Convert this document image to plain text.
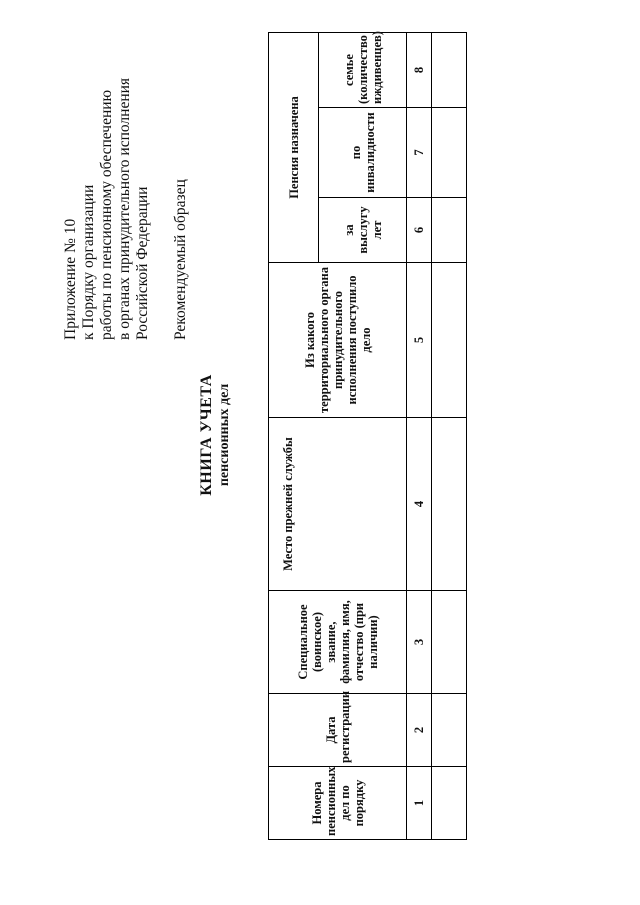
Приложение № 10 к Порядку организации работы по пенсионному обеспечению в органах принудительного исполнения Российской Федерации Рекомендуемый образец
КНИГА УЧЕТА пенсионных дел
Номера пенсионных дел по порядку	Дата регистрации	Специальное (воинское) звание, фамилия, имя, отчество (при наличии)	Место прежней службы	Из какого территориального органа принудительного исполнения поступило дело	Пенсия назначена		
					за выслугу лет	по инвалидности	семье (количество иждивенцев)
1	2	3	4	5	6	7	8
